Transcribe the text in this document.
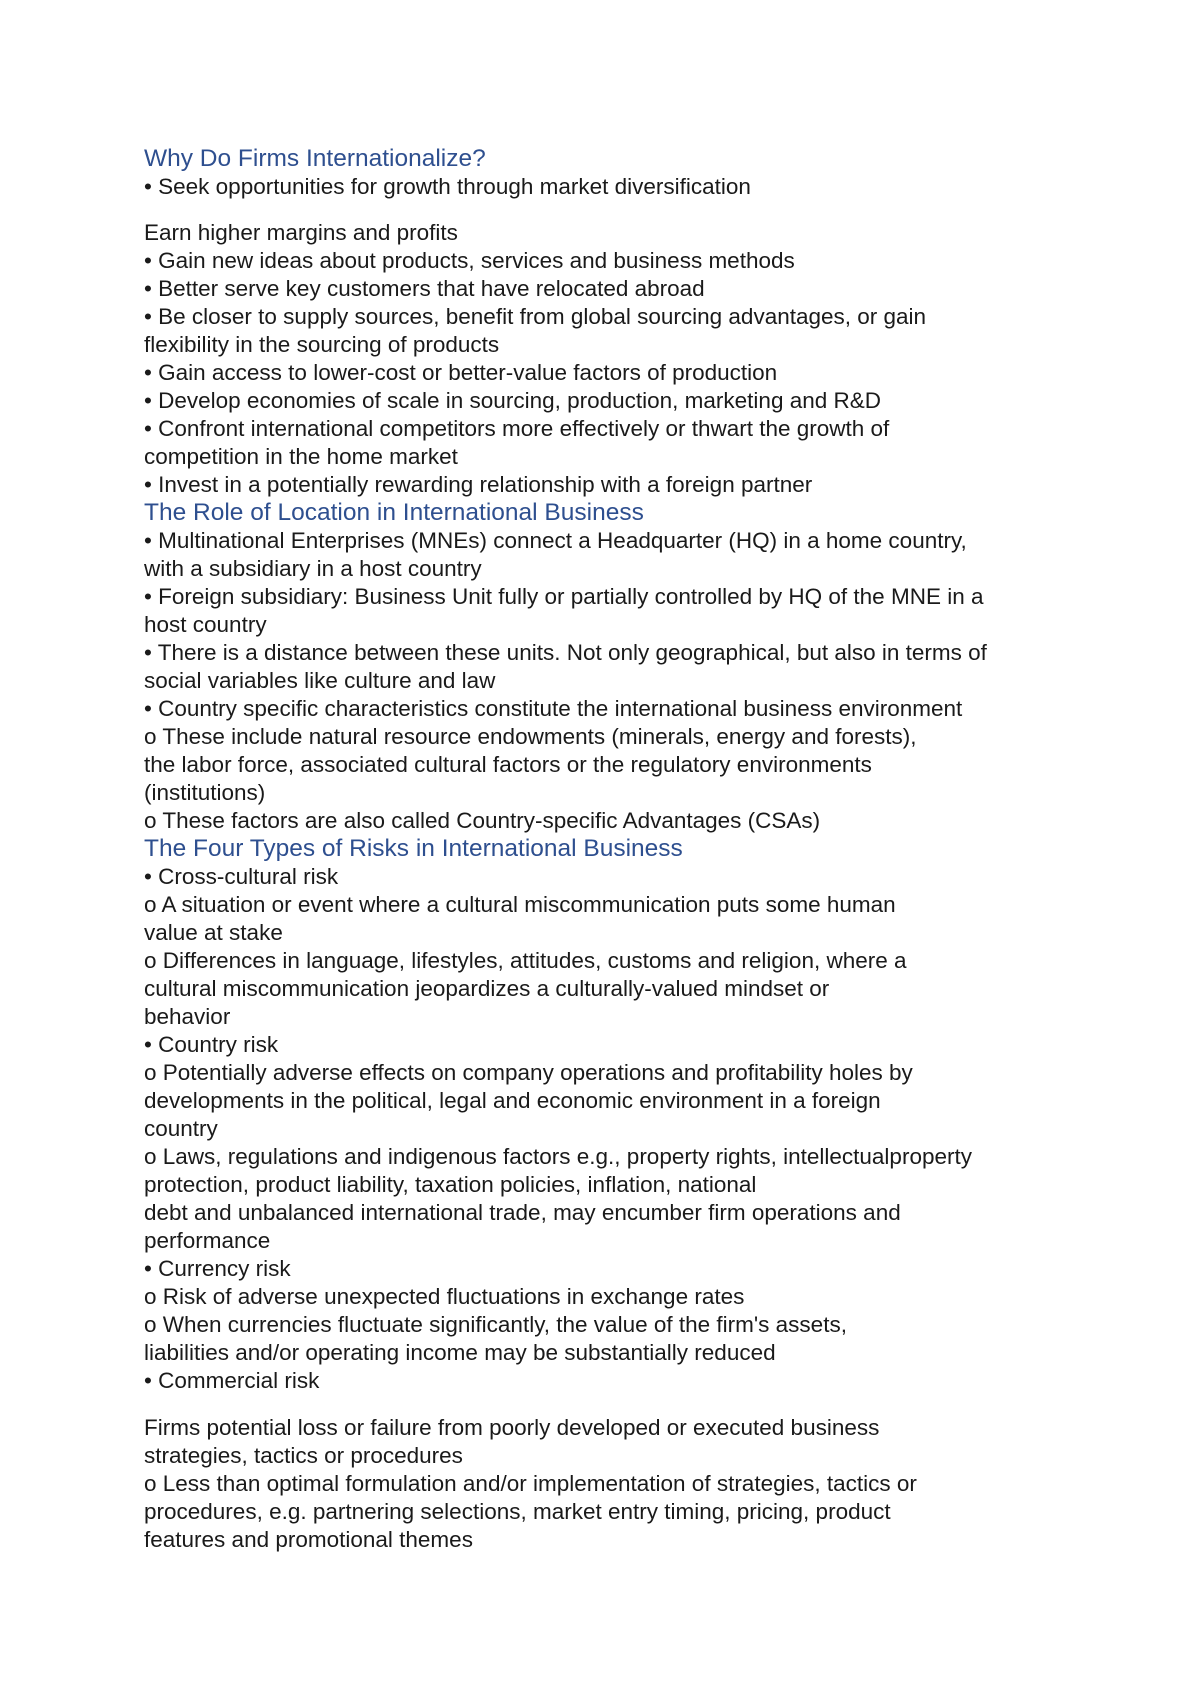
Why Do Firms Internationalize?
• Seek opportunities for growth through market diversification
Earn higher margins and profits
• Gain new ideas about products, services and business methods
• Better serve key customers that have relocated abroad
• Be closer to supply sources, benefit from global sourcing advantages, or gain
flexibility in the sourcing of products
• Gain access to lower-cost or better-value factors of production
• Develop economies of scale in sourcing, production, marketing and R&D
• Confront international competitors more effectively or thwart the growth of
competition in the home market
• Invest in a potentially rewarding relationship with a foreign partner
The Role of Location in International Business
• Multinational Enterprises (MNEs) connect a Headquarter (HQ) in a home country,
with a subsidiary in a host country
• Foreign subsidiary: Business Unit fully or partially controlled by HQ of the MNE in a
host country
• There is a distance between these units. Not only geographical, but also in terms of
social variables like culture and law
• Country specific characteristics constitute the international business environment
o These include natural resource endowments (minerals, energy and forests),
the labor force, associated cultural factors or the regulatory environments
(institutions)
o These factors are also called Country-specific Advantages (CSAs)
The Four Types of Risks in International Business
• Cross-cultural risk
o A situation or event where a cultural miscommunication puts some human
value at stake
o Differences in language, lifestyles, attitudes, customs and religion, where a
cultural miscommunication jeopardizes a culturally-valued mindset or
behavior
• Country risk
o Potentially adverse effects on company operations and profitability holes by
developments in the political, legal and economic environment in a foreign
country
o Laws, regulations and indigenous factors e.g., property rights, intellectualproperty
protection, product liability, taxation policies, inflation, national
debt and unbalanced international trade, may encumber firm operations and
performance
• Currency risk
o Risk of adverse unexpected fluctuations in exchange rates
o When currencies fluctuate significantly, the value of the firm's assets,
liabilities and/or operating income may be substantially reduced
• Commercial risk
Firms potential loss or failure from poorly developed or executed business
strategies, tactics or procedures
o Less than optimal formulation and/or implementation of strategies, tactics or
procedures, e.g. partnering selections, market entry timing, pricing, product
features and promotional themes
